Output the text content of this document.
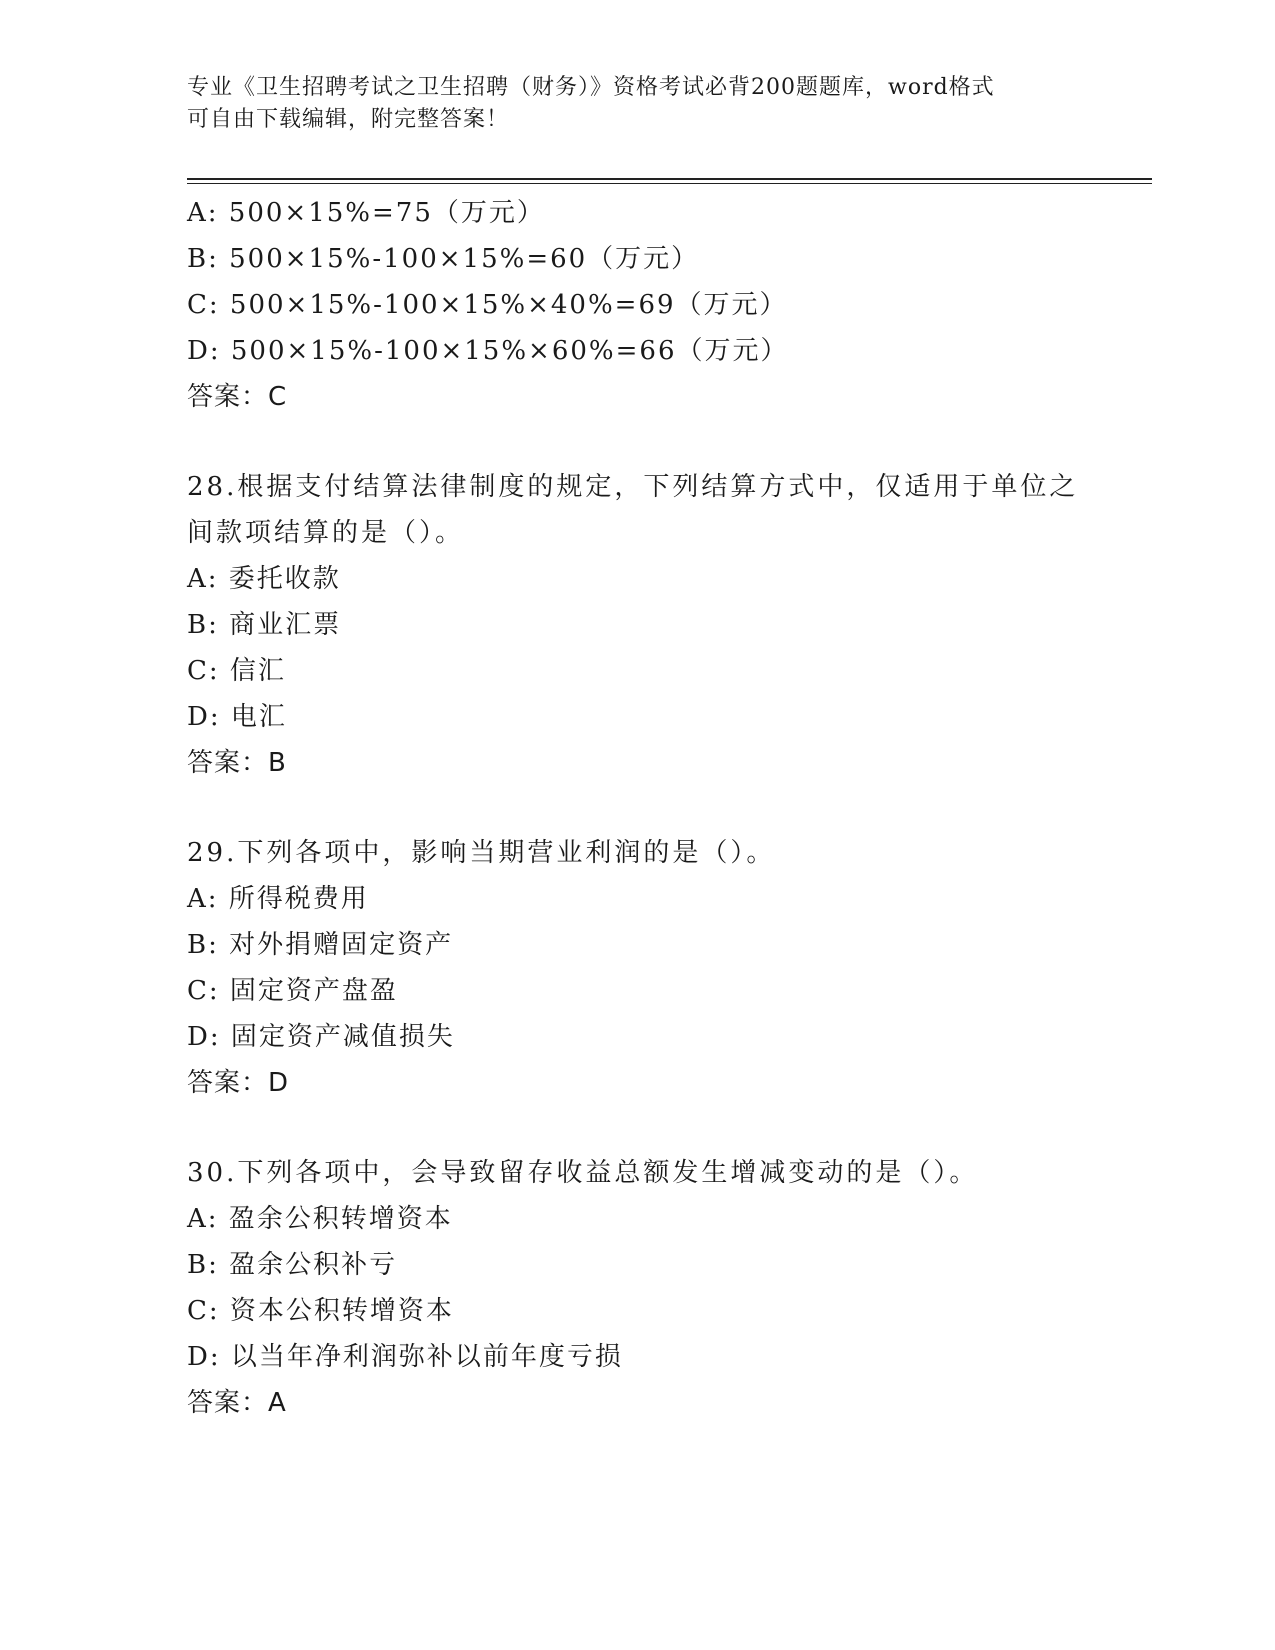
专业《卫生招聘考试之卫生招聘（财务）》资格考试必背200题题库，word格式
可自由下载编辑，附完整答案！
A: 500×15%=75（万元）
B: 500×15%-100×15%=60（万元）
C: 500×15%-100×15%×40%=69（万元）
D: 500×15%-100×15%×60%=66（万元）
答案：C
28.根据支付结算法律制度的规定，下列结算方式中，仅适用于单位之
间款项结算的是（）。
A: 委托收款
B: 商业汇票
C: 信汇
D: 电汇
答案：B
29.下列各项中，影响当期营业利润的是（）。
A: 所得税费用
B: 对外捐赠固定资产
C: 固定资产盘盈
D: 固定资产减值损失
答案：D
30.下列各项中，会导致留存收益总额发生增减变动的是（）。
A: 盈余公积转增资本
B: 盈余公积补亏
C: 资本公积转增资本
D: 以当年净利润弥补以前年度亏损
答案：A
